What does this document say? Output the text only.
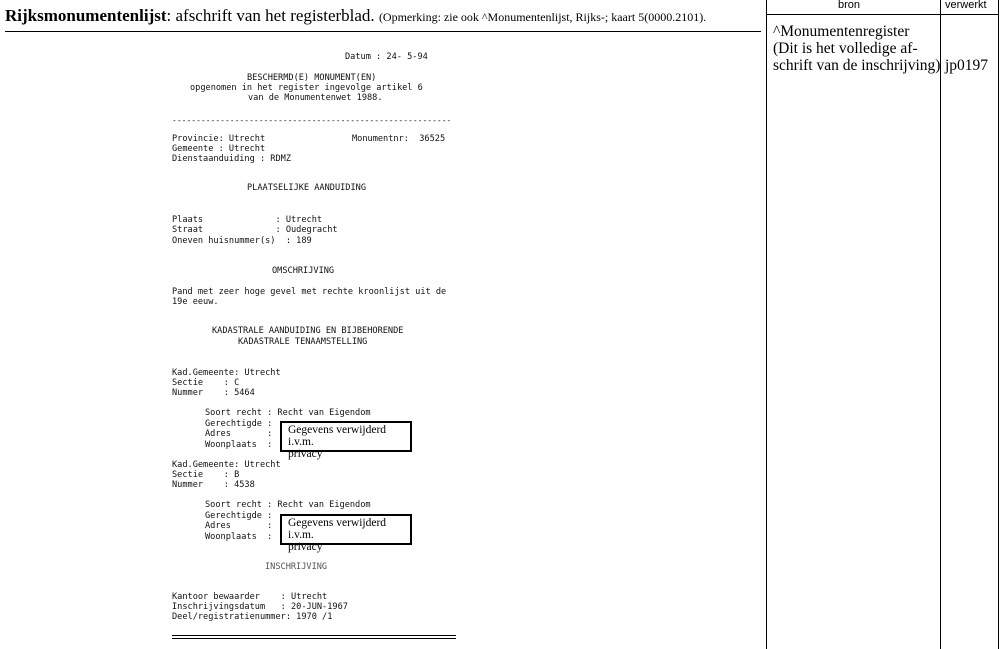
Rijksmonumentenlijst: afschrift van het registerblad. (Opmerking: zie ook ^Monumentenlijst, Rijks-; kaart 5(0000.2101).
bron	verwerkt
^Monumentenregister
(Dit is het volledige af-
schrift van de inschrijving) jp0197
Datum : 24- 5-94
BESCHERMD(E) MONUMENT(EN)
opgenomen in het register ingevolge artikel 6
van de Monumentenwet 1988.
----------------------------------------------------------
Provincie: Utrecht	Monumentnr:  36525
Gemeente : Utrecht
Dienstaanduiding : RDMZ
PLAATSELIJKE AANDUIDING
Plaats              : Utrecht
Straat              : Oudegracht
Oneven huisnummer(s)  : 189
OMSCHRIJVING
Pand met zeer hoge gevel met rechte kroonlijst uit de
19e eeuw.
KADASTRALE AANDUIDING EN BIJBEHORENDE
KADASTRALE TENAAMSTELLING
Kad.Gemeente: Utrecht
Sectie    : C
Nummer    : 5464
Soort recht : Recht van Eigendom
Gerechtigde :
Adres       :
Woonplaats  :
Gegevens verwijderd i.v.m.
privacy
Kad.Gemeente: Utrecht
Sectie    : B
Nummer    : 4538
Soort recht : Recht van Eigendom
Gerechtigde :
Adres       :
Woonplaats  :
Gegevens verwijderd i.v.m.
privacy
INSCHRIJVING
Kantoor bewaarder    : Utrecht
Inschrijvingsdatum   : 20-JUN-1967
Deel/registratienummer: 1970 /1
